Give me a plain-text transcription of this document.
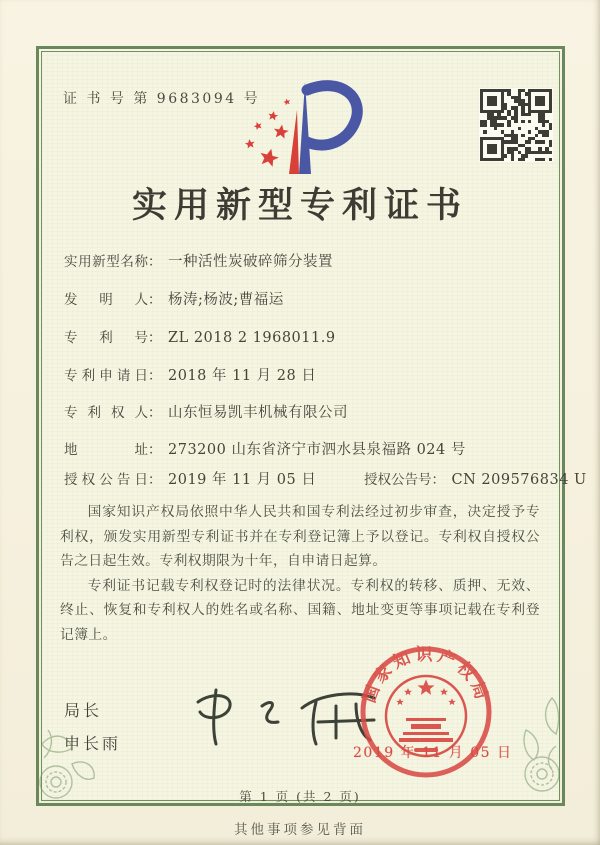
证 书 号 第 9683094 号
实用新型专利证书
实用新型名称： 一种活性炭破碎筛分装置
发明人： 杨涛;杨波;曹福运
专利号： ZL 2018 2 1968011.9
专利申请日： 2018 年 11 月 28 日
专利权人： 山东恒易凯丰机械有限公司
地址： 273200 山东省济宁市泗水县泉福路 024 号
授权公告日： 2019 年 11 月 05 日	授权公告号： CN 209576834 U

国家知识产权局依照中华人民共和国专利法经过初步审查，决定授予专利权，颁发实用新型专利证书并在专利登记簿上予以登记。专利权自授权公告之日起生效。专利权期限为十年，自申请日起算。

专利证书记载专利权登记时的法律状况。专利权的转移、质押、无效、终止、恢复和专利权人的姓名或名称、国籍、地址变更等事项记载在专利登记簿上。

局长
申长雨
国家知识产权局
2019 年 11 月 05 日
第 1 页 (共 2 页)
其他事项参见背面
